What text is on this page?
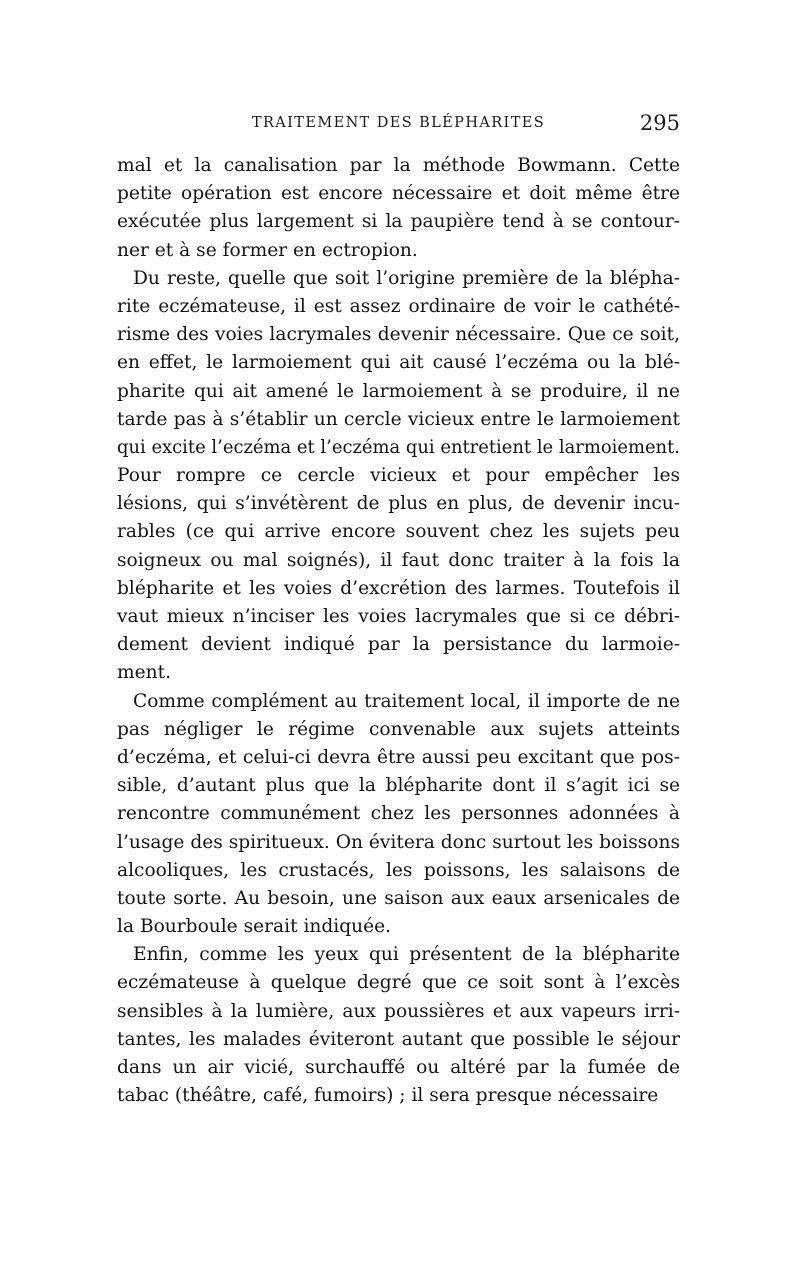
TRAITEMENT DES BLÉPHARITES	295
mal et la canalisation par la méthode Bowmann. Cette
petite opération est encore nécessaire et doit même être
exécutée plus largement si la paupière tend à se contour-
ner et à se former en ectropion.
Du reste, quelle que soit l’origine première de la blépha-
rite eczémateuse, il est assez ordinaire de voir le cathété-
risme des voies lacrymales devenir nécessaire. Que ce soit,
en effet, le larmoiement qui ait causé l’eczéma ou la blé-
pharite qui ait amené le larmoiement à se produire, il ne
tarde pas à s’établir un cercle vicieux entre le larmoiement
qui excite l’eczéma et l’eczéma qui entretient le larmoiement.
Pour rompre ce cercle vicieux et pour empêcher les
lésions, qui s’invétèrent de plus en plus, de devenir incu-
rables (ce qui arrive encore souvent chez les sujets peu
soigneux ou mal soignés), il faut donc traiter à la fois la
blépharite et les voies d’excrétion des larmes. Toutefois il
vaut mieux n’inciser les voies lacrymales que si ce débri-
dement devient indiqué par la persistance du larmoie-
ment.
Comme complément au traitement local, il importe de ne
pas négliger le régime convenable aux sujets atteints
d’eczéma, et celui-ci devra être aussi peu excitant que pos-
sible, d’autant plus que la blépharite dont il s’agit ici se
rencontre communément chez les personnes adonnées à
l’usage des spiritueux. On évitera donc surtout les boissons
alcooliques, les crustacés, les poissons, les salaisons de
toute sorte. Au besoin, une saison aux eaux arsenicales de
la Bourboule serait indiquée.
Enfin, comme les yeux qui présentent de la blépharite
eczémateuse à quelque degré que ce soit sont à l’excès
sensibles à la lumière, aux poussières et aux vapeurs irri-
tantes, les malades éviteront autant que possible le séjour
dans un air vicié, surchauffé ou altéré par la fumée de
tabac (théâtre, café, fumoirs) ; il sera presque nécessaire
